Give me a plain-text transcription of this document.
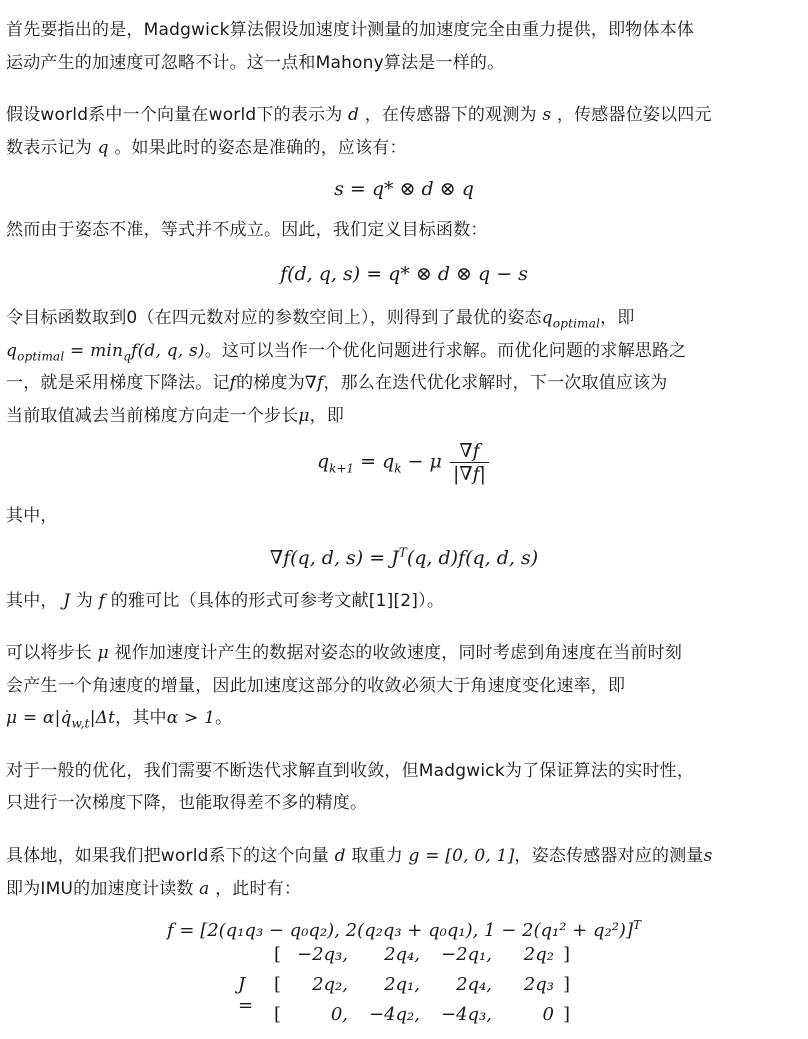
首先要指出的是，Madgwick算法假设加速度计测量的加速度完全由重力提供，即物体本体
运动产生的加速度可忽略不计。这一点和Mahony算法是一样的。
假设world系中一个向量在world下的表示为 d ，在传感器下的观测为 s ，传感器位姿以四元
数表示记为 q 。如果此时的姿态是准确的，应该有：
s = q* ⊗ d ⊗ q
然而由于姿态不准，等式并不成立。因此，我们定义目标函数：
f(d, q, s) = q* ⊗ d ⊗ q − s
令目标函数取到0（在四元数对应的参数空间上），则得到了最优的姿态$q_{optimal}$，即
$q_{optimal} = \min_qf(d$, q, s)。这可以当作一个优化问题进行求解。而优化问题的求解思路之
一，就是采用梯度下降法。记f的梯度为∇f，那么在迭代优化求解时，下一次取值应该为
当前取值减去当前梯度方向走一个步长μ，即
$q_{k+1} = q_k - \mu \frac{\nabla f}{|\nabla f|}$
其中，
∇f(q, d, $s) = J^T(q$, d)f(q, d, s)
其中， J 为 f 的雅可比（具体的形式可参考文献[1][2]）。
可以将步长 μ 视作加速度计产生的数据对姿态的收敛速度，同时考虑到角速度在当前时刻
会产生一个角速度的增量，因此加速度这部分的收敛必须大于角速度变化速率，即
$\mu = \alpha|q̇_{w,t}|\Delta t$，其中α > 1。
对于一般的优化，我们需要不断迭代求解直到收敛，但Madgwick为了保证算法的实时性，
只进行一次梯度下降，也能取得差不多的精度。
具体地，如果我们把world系下的这个向量 d 取重力 g = [0, 0, 1]，姿态传感器对应的测量s
即为IMU的加速度计读数 a ，此时有：
f = [2(q₁q₃ − q₀q₂), 2(q₂q₃ + q₀q₁), 1 − 2(q₁² + q₂²)]$^T$
J =
[ −2q₃,	2q₄,	−2q₁,	2q₂ ]
[	2q₂,	2q₁,	2q₄,	2q₃ ]
[	0,	−4q₂,	−4q₃,	0 ]
